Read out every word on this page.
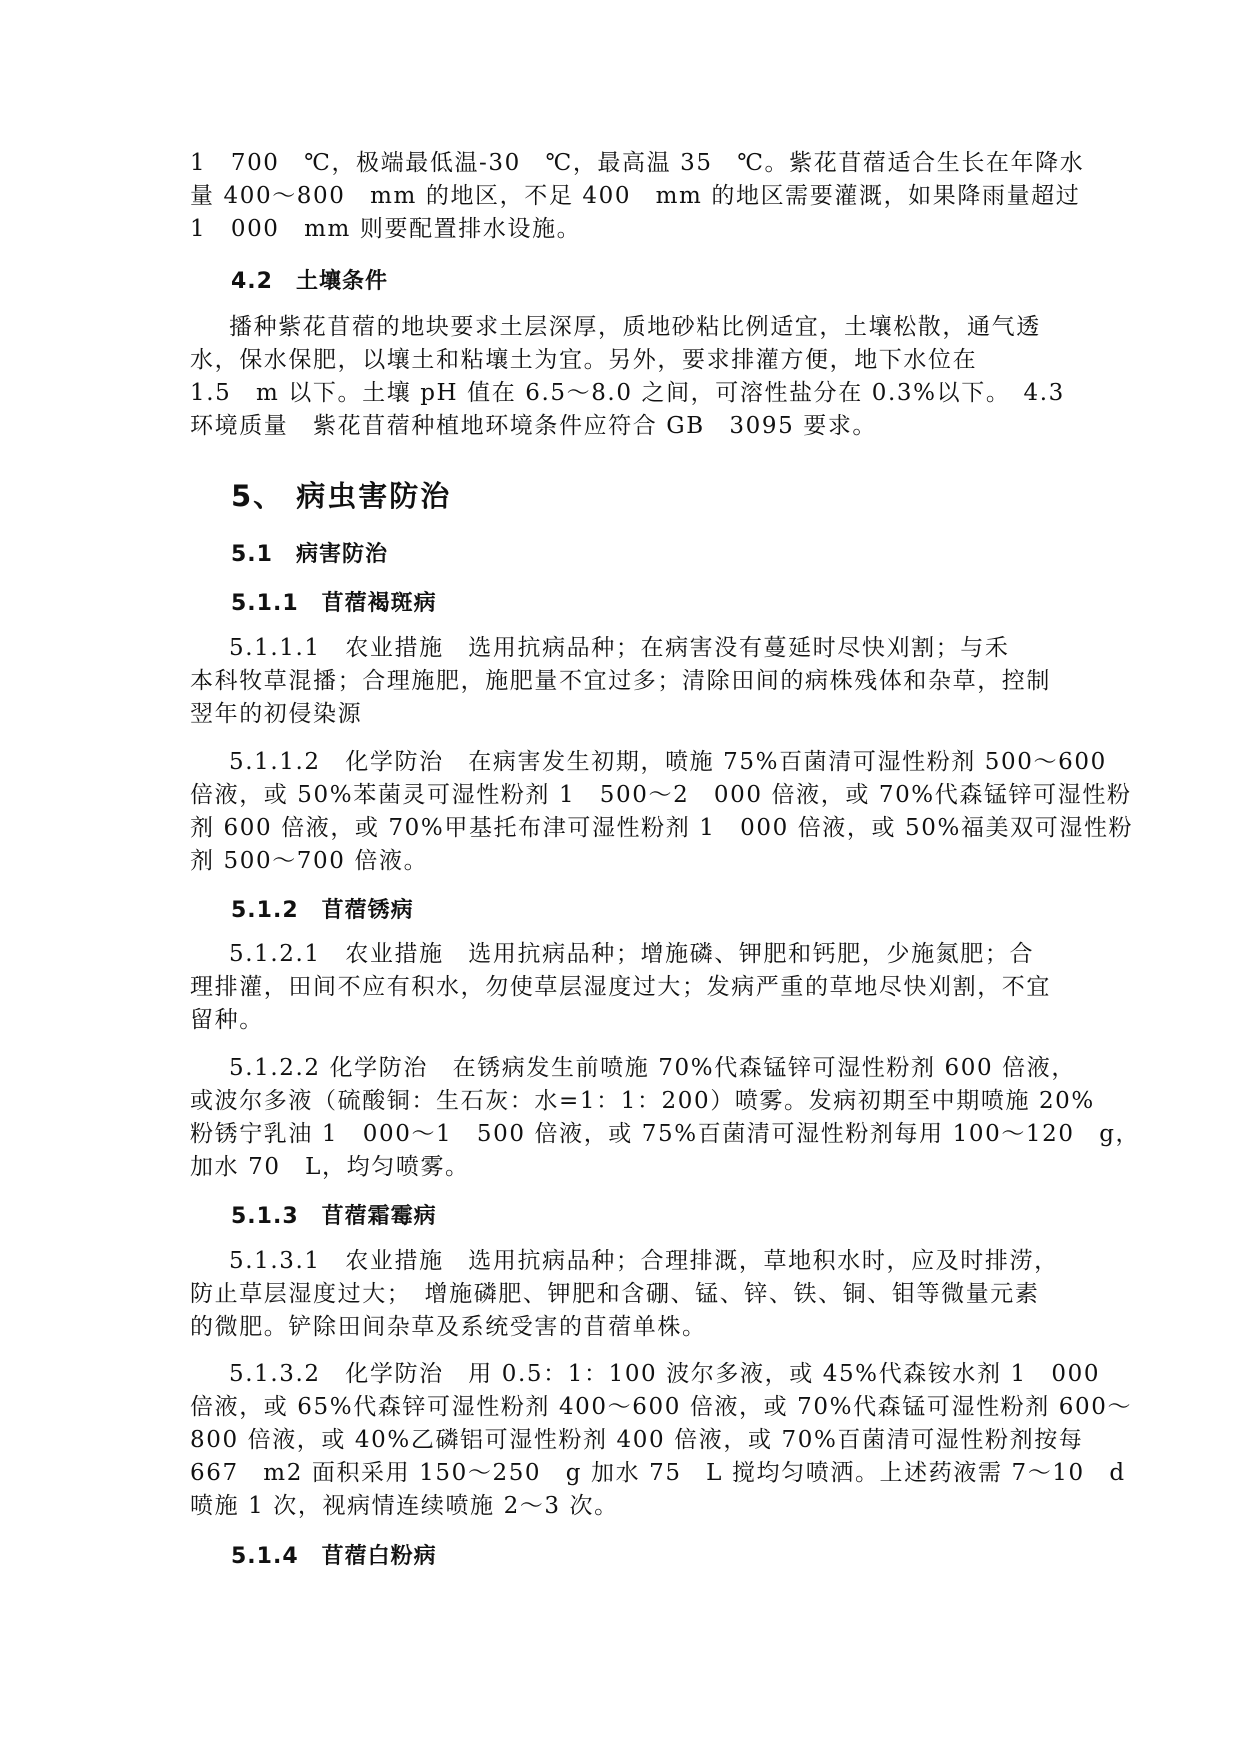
1　700　℃，极端最低温-30　℃，最高温 35　℃。紫花苜蓿适合生长在年降水
量 400～800　mm 的地区，不足 400　mm 的地区需要灌溉，如果降雨量超过
1　000　mm 则要配置排水设施。
4.2　土壤条件
播种紫花苜蓿的地块要求土层深厚，质地砂粘比例适宜，土壤松散，通气透
水，保水保肥，以壤土和粘壤土为宜。另外，要求排灌方便，地下水位在
1.5　m 以下。土壤 pH 值在 6.5～8.0 之间，可溶性盐分在 0.3%以下。　4.3
环境质量　紫花苜蓿种植地环境条件应符合 GB　3095 要求。
5、 病虫害防治
5.1　病害防治
5.1.1　苜蓿褐斑病
5.1.1.1　农业措施　选用抗病品种；在病害没有蔓延时尽快刈割；与禾
本科牧草混播；合理施肥，施肥量不宜过多；清除田间的病株残体和杂草，控制
翌年的初侵染源
5.1.1.2　化学防治　在病害发生初期，喷施 75%百菌清可湿性粉剂 500～600
倍液，或 50%苯菌灵可湿性粉剂 1　500～2　000 倍液，或 70%代森锰锌可湿性粉
剂 600 倍液，或 70%甲基托布津可湿性粉剂 1　000 倍液，或 50%福美双可湿性粉
剂 500～700 倍液。
5.1.2　苜蓿锈病
5.1.2.1　农业措施　选用抗病品种；增施磷、钾肥和钙肥，少施氮肥；合
理排灌，田间不应有积水，勿使草层湿度过大；发病严重的草地尽快刈割，不宜
留种。
5.1.2.2 化学防治　在锈病发生前喷施 70%代森锰锌可湿性粉剂 600 倍液，
或波尔多液（硫酸铜：生石灰：水=1：1：200）喷雾。发病初期至中期喷施 20%
粉锈宁乳油 1　000～1　500 倍液，或 75%百菌清可湿性粉剂每用 100～120　g，
加水 70　L，均匀喷雾。
5.1.3　苜蓿霜霉病
5.1.3.1　农业措施　选用抗病品种；合理排溉，草地积水时，应及时排涝，
防止草层湿度过大；　增施磷肥、钾肥和含硼、锰、锌、铁、铜、钼等微量元素
的微肥。铲除田间杂草及系统受害的苜蓿单株。
5.1.3.2　化学防治　用 0.5：1：100 波尔多液，或 45%代森铵水剂 1　000
倍液，或 65%代森锌可湿性粉剂 400～600 倍液，或 70%代森锰可湿性粉剂 600～
800 倍液，或 40%乙磷铝可湿性粉剂 400 倍液，或 70%百菌清可湿性粉剂按每
667　m2 面积采用 150～250　g 加水 75　L 搅均匀喷洒。上述药液需 7～10　d
喷施 1 次，视病情连续喷施 2～3 次。
5.1.4　苜蓿白粉病
